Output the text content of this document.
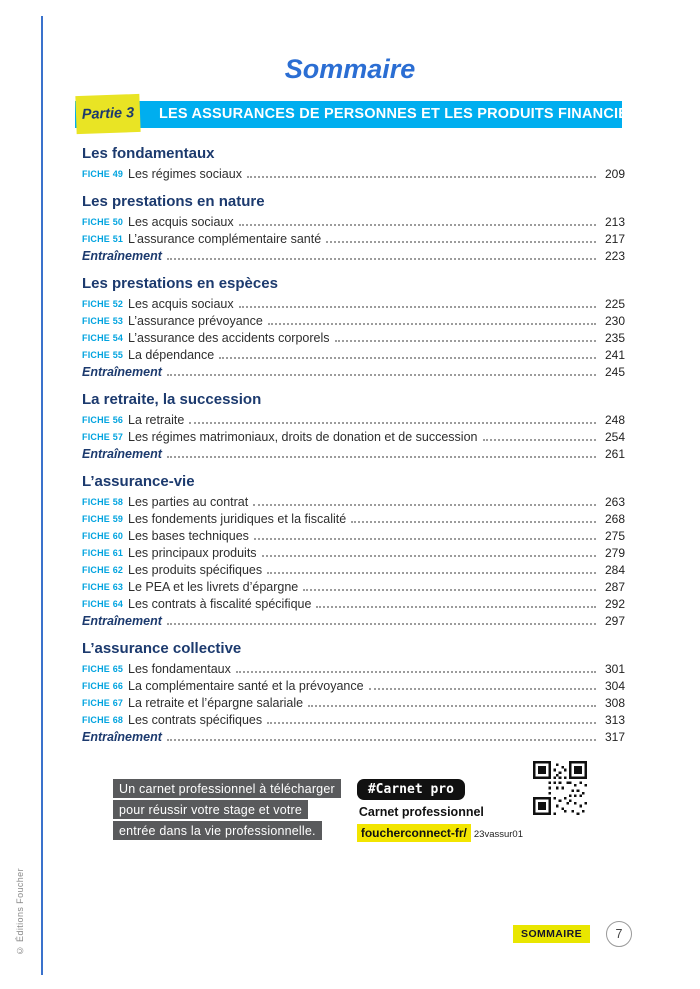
© Éditions Foucher
Sommaire
Partie 3	LES ASSURANCES DE PERSONNES ET LES PRODUITS FINANCIERS
Les fondamentaux
FICHE 49 Les régimes sociaux	209
Les prestations en nature
FICHE 50 Les acquis sociaux	213
FICHE 51 L’assurance complémentaire santé	217
Entraînement	223
Les prestations en espèces
FICHE 52 Les acquis sociaux	225
FICHE 53 L’assurance prévoyance	230
FICHE 54 L’assurance des accidents corporels	235
FICHE 55 La dépendance	241
Entraînement	245
La retraite, la succession
FICHE 56 La retraite	248
FICHE 57 Les régimes matrimoniaux, droits de donation et de succession	254
Entraînement	261
L’assurance-vie
FICHE 58 Les parties au contrat	263
FICHE 59 Les fondements juridiques et la fiscalité	268
FICHE 60 Les bases techniques	275
FICHE 61 Les principaux produits	279
FICHE 62 Les produits spécifiques	284
FICHE 63 Le PEA et les livrets d’épargne	287
FICHE 64 Les contrats à fiscalité spécifique	292
Entraînement	297
L’assurance collective
FICHE 65 Les fondamentaux	301
FICHE 66 La complémentaire santé et la prévoyance	304
FICHE 67 La retraite et l’épargne salariale	308
FICHE 68 Les contrats spécifiques	313
Entraînement	317
Un carnet professionnel à télécharger
pour réussir votre stage et votre
entrée dans la vie professionnelle.
#Carnet pro
Carnet professionnel
foucherconnect-fr/ 23vassur01
SOMMAIRE	7
